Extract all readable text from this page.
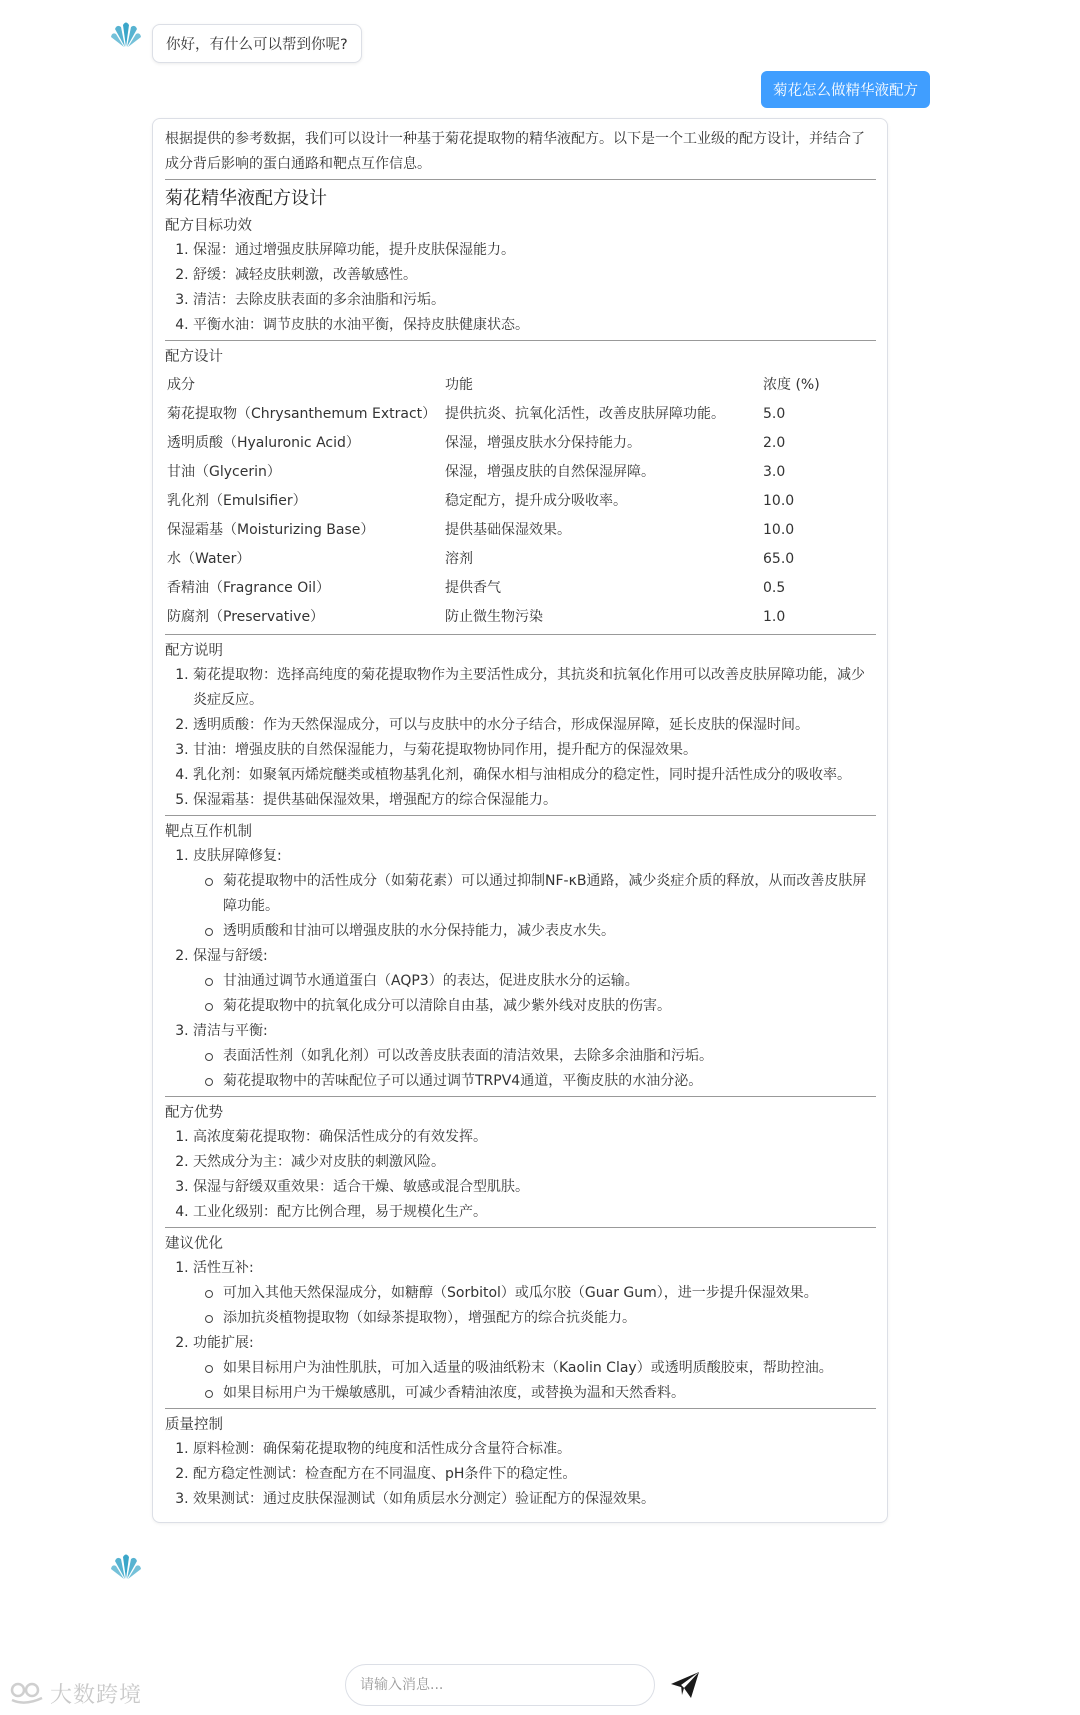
你好，有什么可以帮到你呢?
菊花怎么做精华液配方

根据提供的参考数据，我们可以设计一种基于菊花提取物的精华液配方。以下是一个工业级的配方设计，并结合了成分背后影响的蛋白通路和靶点互作信息。

菊花精华液配方设计
配方目标功效
1. 保湿：通过增强皮肤屏障功能，提升皮肤保湿能力。
2. 舒缓：减轻皮肤刺激，改善敏感性。
3. 清洁：去除皮肤表面的多余油脂和污垢。
4. 平衡水油：调节皮肤的水油平衡，保持皮肤健康状态。
配方设计
成分	功能	浓度 (%)
菊花提取物（Chrysanthemum Extract）	提供抗炎、抗氧化活性，改善皮肤屏障功能。	5.0
透明质酸（Hyaluronic Acid）	保湿，增强皮肤水分保持能力。	2.0
甘油（Glycerin）	保湿，增强皮肤的自然保湿屏障。	3.0
乳化剂（Emulsifier）	稳定配方，提升成分吸收率。	10.0
保湿霜基（Moisturizing Base）	提供基础保湿效果。	10.0
水（Water）	溶剂	65.0
香精油（Fragrance Oil）	提供香气	0.5
防腐剂（Preservative）	防止微生物污染	1.0
配方说明
1. 菊花提取物：选择高纯度的菊花提取物作为主要活性成分，其抗炎和抗氧化作用可以改善皮肤屏障功能，减少炎症反应。
2. 透明质酸：作为天然保湿成分，可以与皮肤中的水分子结合，形成保湿屏障，延长皮肤的保湿时间。
3. 甘油：增强皮肤的自然保湿能力，与菊花提取物协同作用，提升配方的保湿效果。
4. 乳化剂：如聚氧丙烯烷醚类或植物基乳化剂，确保水相与油相成分的稳定性，同时提升活性成分的吸收率。
5. 保湿霜基：提供基础保湿效果，增强配方的综合保湿能力。
靶点互作机制
1. 皮肤屏障修复:
菊花提取物中的活性成分（如菊花素）可以通过抑制NF-κB通路，减少炎症介质的释放，从而改善皮肤屏障功能。
透明质酸和甘油可以增强皮肤的水分保持能力，减少表皮水失。
2. 保湿与舒缓:
甘油通过调节水通道蛋白（AQP3）的表达，促进皮肤水分的运输。
菊花提取物中的抗氧化成分可以清除自由基，减少紫外线对皮肤的伤害。
3. 清洁与平衡:
表面活性剂（如乳化剂）可以改善皮肤表面的清洁效果，去除多余油脂和污垢。
菊花提取物中的苦味配位子可以通过调节TRPV4通道，平衡皮肤的水油分泌。
配方优势
1. 高浓度菊花提取物：确保活性成分的有效发挥。
2. 天然成分为主：减少对皮肤的刺激风险。
3. 保湿与舒缓双重效果：适合干燥、敏感或混合型肌肤。
4. 工业化级别：配方比例合理，易于规模化生产。
建议优化
1. 活性互补:
可加入其他天然保湿成分，如糖醇（Sorbitol）或瓜尔胶（Guar Gum），进一步提升保湿效果。
添加抗炎植物提取物（如绿茶提取物），增强配方的综合抗炎能力。
2. 功能扩展:
如果目标用户为油性肌肤，可加入适量的吸油纸粉末（Kaolin Clay）或透明质酸胶束，帮助控油。
如果目标用户为干燥敏感肌，可减少香精油浓度，或替换为温和天然香料。
质量控制
1. 原料检测：确保菊花提取物的纯度和活性成分含量符合标准。
2. 配方稳定性测试：检查配方在不同温度、pH条件下的稳定性。
3. 效果测试：通过皮肤保湿测试（如角质层水分测定）验证配方的保湿效果。
大数跨境	请输入消息...
